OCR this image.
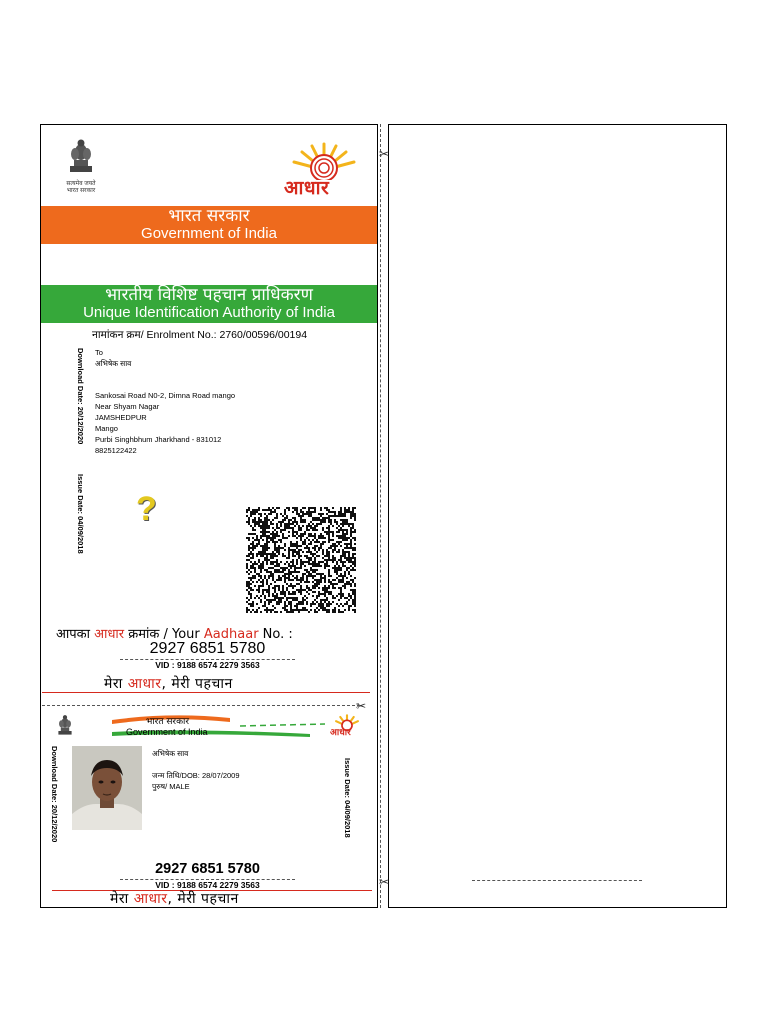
✂
✂
✂
सत्यमेव जयते
भारत सरकार	आधार
भारत सरकार
Government of India
भारतीय विशिष्ट पहचान प्राधिकरण
Unique Identification Authority of India
नामांकन क्रम/ Enrolment No.: 2760/00596/00194
Download Date: 20/12/2020
Issue Date: 04/09/2018
To
अभिषेक साव
Sankosai Road N0-2, Dimna Road mango
Near Shyam Nagar
JAMSHEDPUR
Mango
Purbi Singhbhum Jharkhand - 831012
8825122422
?
आपका आधार क्रमांक / Your Aadhaar No. :
2927 6851 5780
VID : 9188 6574 2279 3563
मेरा आधार, मेरी पहचान
भारत सरकार
Government of India	आधार
Download Date: 20/12/2020	Issue Date: 04/09/2018
अभिषेक साव
जन्म तिथि/DOB: 28/07/2009
पुरुष/ MALE
2927 6851 5780
VID : 9188 6574 2279 3563
मेरा आधार, मेरी पहचान
